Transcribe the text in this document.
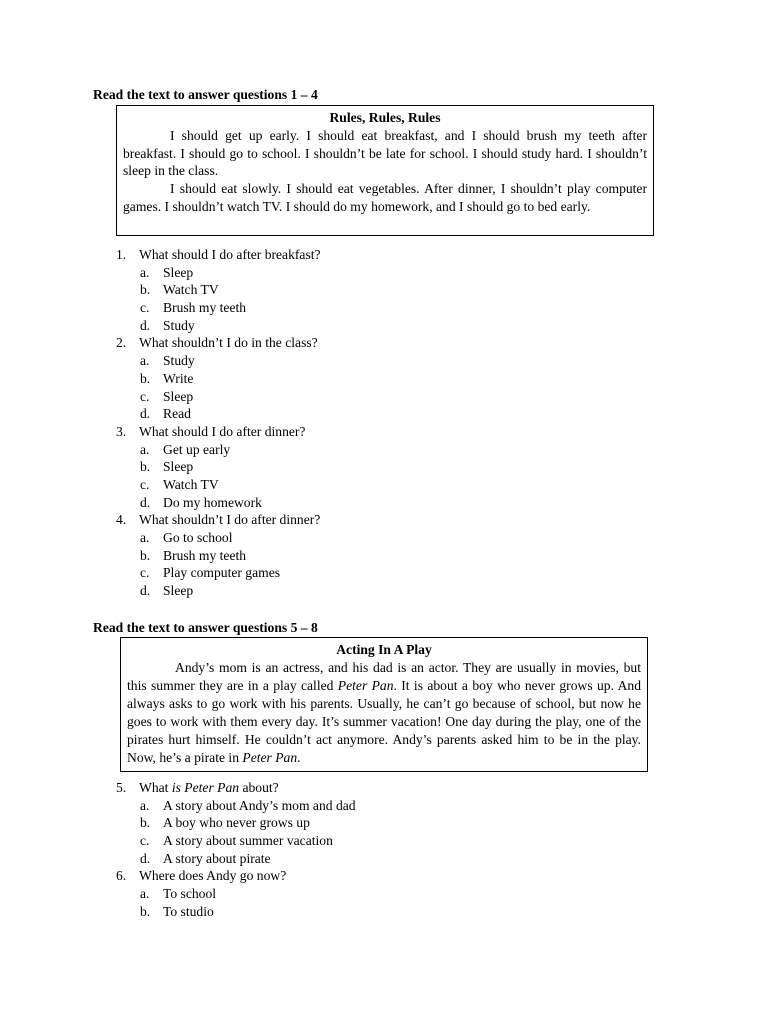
Read the text to answer questions 1 – 4
Rules, Rules, Rules

I should get up early. I should eat breakfast, and I should brush my teeth after breakfast. I should go to school. I shouldn’t be late for school. I should study hard. I shouldn’t sleep in the class.

I should eat slowly. I should eat vegetables. After dinner, I shouldn’t play computer games. I shouldn’t watch TV. I should do my homework, and I should go to bed early.

1. What should I do after breakfast?
a. Sleep
b. Watch TV
c. Brush my teeth
d. Study
2. What shouldn’t I do in the class?
a. Study
b. Write
c. Sleep
d. Read
3. What should I do after dinner?
a. Get up early
b. Sleep
c. Watch TV
d. Do my homework
4. What shouldn’t I do after dinner?
a. Go to school
b. Brush my teeth
c. Play computer games
d. Sleep
Read the text to answer questions 5 – 8
Acting In A Play

Andy’s mom is an actress, and his dad is an actor. They are usually in movies, but this summer they are in a play called Peter Pan. It is about a boy who never grows up. And always asks to go work with his parents. Usually, he can’t go because of school, but now he goes to work with them every day. It’s summer vacation! One day during the play, one of the pirates hurt himself. He couldn’t act anymore. Andy’s parents asked him to be in the play. Now, he’s a pirate in Peter Pan.

5. What is Peter Pan about?
a. A story about Andy’s mom and dad
b. A boy who never grows up
c. A story about summer vacation
d. A story about pirate
6. Where does Andy go now?
a. To school
b. To studio
